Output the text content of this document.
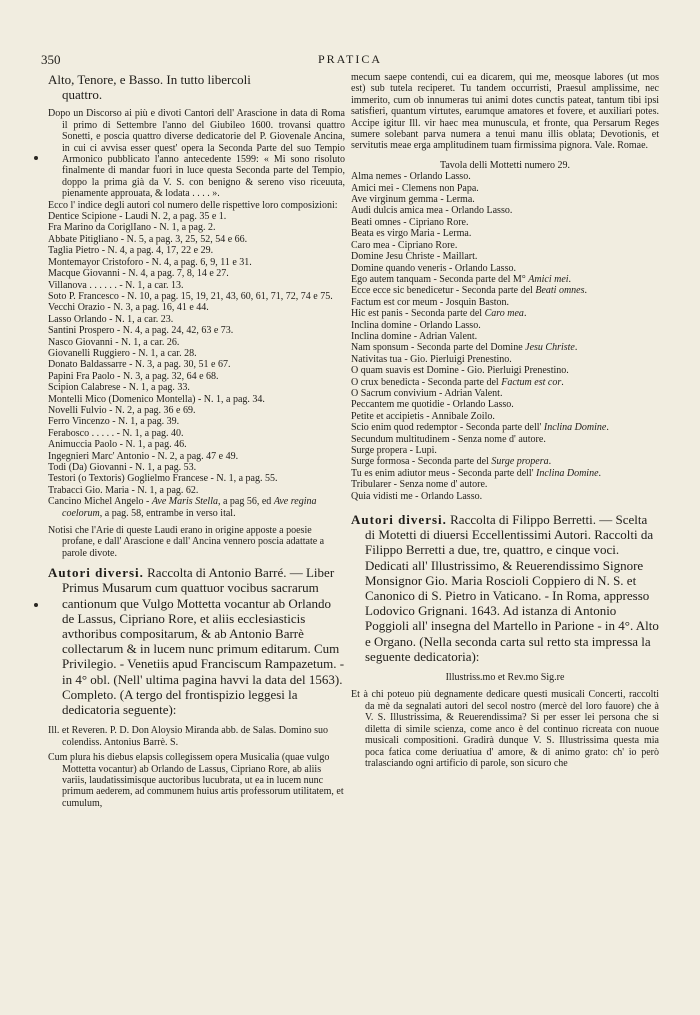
350	PRATICA
Alto, Tenore, e Basso. In tutto libercoli
quattro.

Dopo un Discorso ai più e divoti Cantori dell' Arascione in data di Roma il primo di Settembre l'anno del Giubileo 1600. trovansi quattro Sonetti, e poscia quattro diverse dedicatorie del P. Giovenale Ancina, in cui ci avvisa esser quest' opera la Seconda Parte del suo Tempio Armonico pubblicato l'anno antecedente 1599: « Mi sono risoluto finalmente di mandar fuori in luce questa Seconda parte del Tempio, doppo la prima già da V. S. con benigno & sereno viso riceuuta, pienamente approuata, & lodata . . . . ».

Ecco l' indice degli autori col numero delle rispettive loro composizioni:

Dentice Scipione - Laudi N. 2, a pag. 35 e 1.
Fra Marino da CoriglIano - N. 1, a pag. 2.
Abbate Pitigliano - N. 5, a pag. 3, 25, 52, 54 e 66.
Taglia Pietro - N. 4, a pag. 4, 17, 22 e 29.
Montemayor Cristoforo - N. 4, a pag. 6, 9, 11 e 31.
Macque Giovanni - N. 4, a pag. 7, 8, 14 e 27.
Villanova . . . . . . - N. 1, a car. 13.
Soto P. Francesco - N. 10, a pag. 15, 19, 21, 43, 60, 61, 71, 72, 74 e 75.
Vecchi Orazio - N. 3, a pag. 16, 41 e 44.
Lasso Orlando - N. 1, a car. 23.
Santini Prospero - N. 4, a pag. 24, 42, 63 e 73.
Nasco Giovanni - N. 1, a car. 26.
Giovanelli Ruggiero - N. 1, a car. 28.
Donato Baldassarre - N. 3, a pag. 30, 51 e 67.
Papini Fra Paolo - N. 3, a pag. 32, 64 e 68.
Scipion Calabrese - N. 1, a pag. 33.
Montelli Mico (Domenico Montella) - N. 1, a pag. 34.
Novelli Fulvio - N. 2, a pag. 36 e 69.
Ferro Vincenzo - N. 1, a pag. 39.
Ferabosco . . . . . - N. 1, a pag. 40.
Animuccia Paolo - N. 1, a pag. 46.
Ingegnieri Marc' Antonio - N. 2, a pag. 47 e 49.
Todi (Da) Giovanni - N. 1, a pag. 53.
Testori (o Textoris) Goglielmo Francese - N. 1, a pag. 55.
Trabacci Gio. Maria - N. 1, a pag. 62.
Cancino Michel Angelo - Ave Maris Stella, a pag 56, ed Ave regina coelorum, a pag. 58, entrambe in verso ital.

Notisi che l'Arie di queste Laudi erano in origine apposte a poesie profane, e dall' Arascione e dall' Ancina vennero poscia adattate a parole divote.

Autori diversi. Raccolta di Antonio Barré. — Liber Primus Musarum cum quattuor vocibus sacrarum cantionum que Vulgo Mottetta vocantur ab Orlando de Lassus, Cipriano Rore, et aliis ecclesiasticis avthoribus compositarum, & ab Antonio Barrè collectarum & in lucem nunc primum editarum. Cum Privilegio. - Venetiis apud Franciscum Rampazetum. - in 4° obl. (Nell' ultima pagina havvi la data del 1563). Completo. (A tergo del frontispizio leggesi la dedicatoria seguente):

Ill. et Reveren. P. D. Don Aloysio Miranda abb. de Salas. Domino suo colendiss. Antonius Barrè. S.

Cum plura his diebus elapsis collegissem opera Musicalia (quae vulgo Mottetta vocantur) ab Orlando de Lassus, Cipriano Rore, ab aliis variis, laudatissimisque auctoribus lucubrata, ut ea in lucem nunc primum aederem, ad communem huius artis professorum utilitatem, et cumulum,

mecum saepe contendi, cui ea dicarem, qui me, meosque labores (ut mos est) sub tutela reciperet. Tu tandem occurristi, Praesul amplissime, nec immerito, cum ob innumeras tui animi dotes cunctis pateat, tantum tibi ipsi satisfieri, quantum virtutes, earumque amatores et fovere, et auxiliari potes. Accipe igitur Ill. vir haec mea munuscula, et fronte, qua Persarum Reges sumere solebant parva numera a tenui manu illis oblata; Devotionis, et servitutis meae erga amplitudinem tuam firmissima pignora. Vale. Romae.

Tavola delli Mottetti numero 29.
Alma nemes - Orlando Lasso.
Amici mei - Clemens non Papa.
Ave virginum gemma - Lerma.
Audi dulcis amica mea - Orlando Lasso.
Beati omnes - Cipriano Rore.
Beata es virgo Maria - Lerma.
Caro mea - Cipriano Rore.
Domine Jesu Christe - Maillart.
Domine quando veneris - Orlando Lasso.
Ego autem tanquam - Seconda parte del M° Amici mei.
Ecce ecce sic benedicetur - Seconda parte del Beati omnes.
Factum est cor meum - Josquin Baston.
Hic est panis - Seconda parte del Caro mea.
Inclina domine - Orlando Lasso.
Inclina domine - Adrian Valent.
Nam sponsum - Seconda parte del Domine Jesu Christe.
Nativitas tua - Gio. Pierluigi Prenestino.
O quam suavis est Domine - Gio. Pierluigi Prenestino.
O crux benedicta - Seconda parte del Factum est cor.
O Sacrum convivium - Adrian Valent.
Peccantem me quotidie - Orlando Lasso.
Petite et accipietis - Annibale Zoilo.
Scio enim quod redemptor - Seconda parte dell' Inclina Domine.
Secundum multitudinem - Senza nome d' autore.
Surge propera - Lupi.
Surge formosa - Seconda parte del Surge propera.
Tu es enim adiutor meus - Seconda parte dell' Inclina Domine.
Tribularer - Senza nome d' autore.
Quia vidisti me - Orlando Lasso.

Autori diversi. Raccolta di Filippo Berretti. — Scelta di Motetti di diuersi Eccellentissimi Autori. Raccolti da Filippo Berretti a due, tre, quattro, e cinque voci. Dedicati all' Illustrissimo, & Reuerendissimo Signore Monsignor Gio. Maria Roscioli Coppiero di N. S. et Canonico di S. Pietro in Vaticano. - In Roma, appresso Lodovico Grignani. 1643. Ad istanza di Antonio Poggioli all' insegna del Martello in Parione - in 4°. Alto e Organo. (Nella seconda carta sul retto sta impressa la seguente dedicatoria):

Illustriss.mo et Rev.mo Sig.re

Et à chi poteuo più degnamente dedicare questi musicali Concerti, raccolti da mè da segnalati autori del secol nostro (mercè del loro fauore) che à V. S. Illustrissima, & Reuerendissima? Si per esser lei persona che si diletta di simile scienza, come anco è del continuo ricreata con nuoue musicali compositioni. Gradirà dunque V. S. Illustrissima questa mia poca fatica come deriuatiua d' amore, & di animo grato: ch' io però tralasciando ogni artificio di parole, son sicuro che
